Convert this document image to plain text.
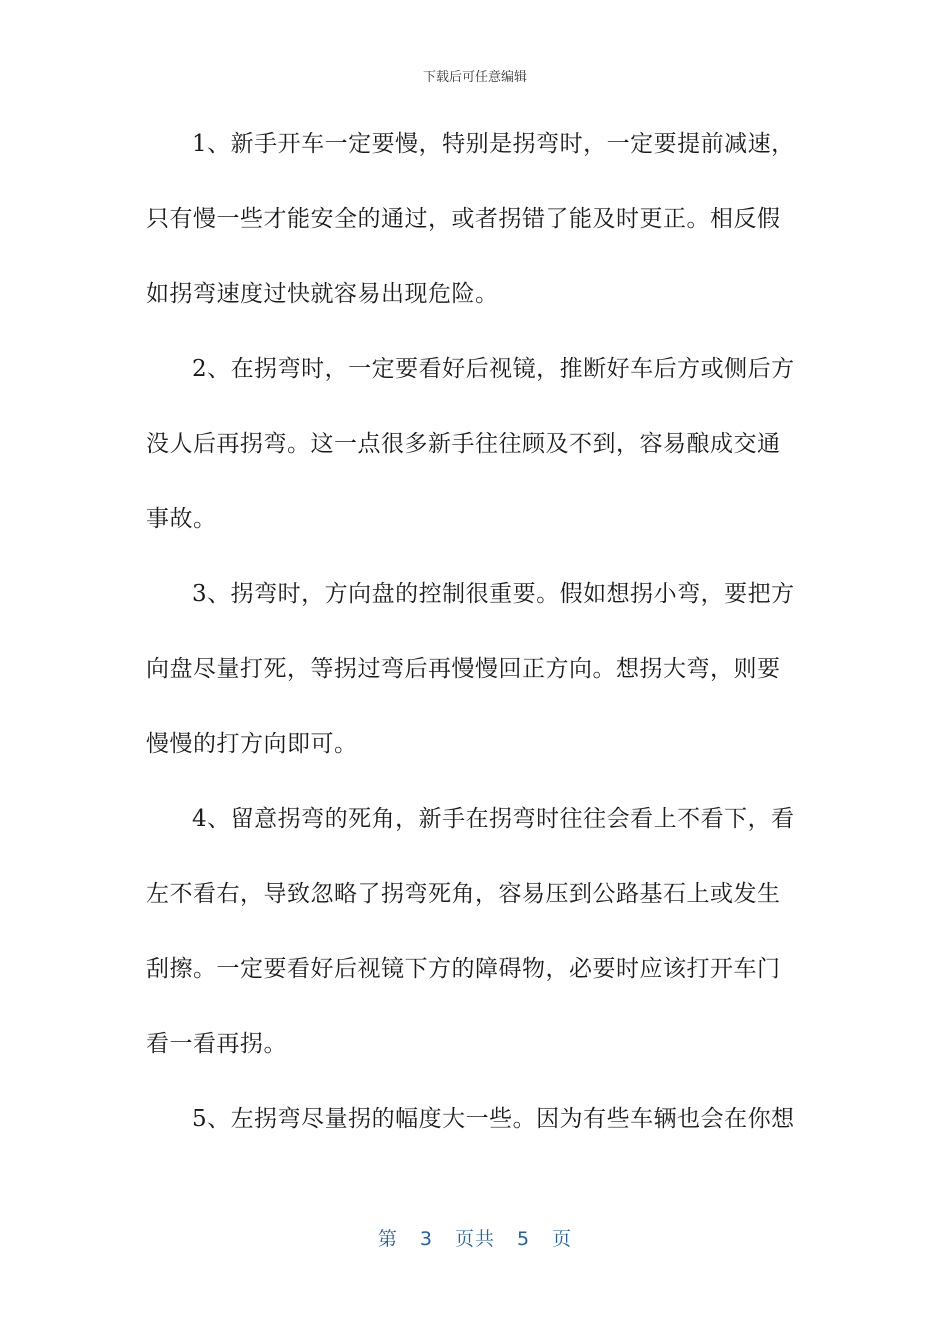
下载后可任意编辑
1、新手开车一定要慢，特别是拐弯时，一定要提前减速，
只有慢一些才能安全的通过，或者拐错了能及时更正。相反假
如拐弯速度过快就容易出现危险。
2、在拐弯时，一定要看好后视镜，推断好车后方或侧后方
没人后再拐弯。这一点很多新手往往顾及不到，容易酿成交通
事故。
3、拐弯时，方向盘的控制很重要。假如想拐小弯，要把方
向盘尽量打死，等拐过弯后再慢慢回正方向。想拐大弯，则要
慢慢的打方向即可。
4、留意拐弯的死角，新手在拐弯时往往会看上不看下，看
左不看右，导致忽略了拐弯死角，容易压到公路基石上或发生
刮擦。一定要看好后视镜下方的障碍物，必要时应该打开车门
看一看再拐。
5、左拐弯尽量拐的幅度大一些。因为有些车辆也会在你想
第 3 页共 5 页
